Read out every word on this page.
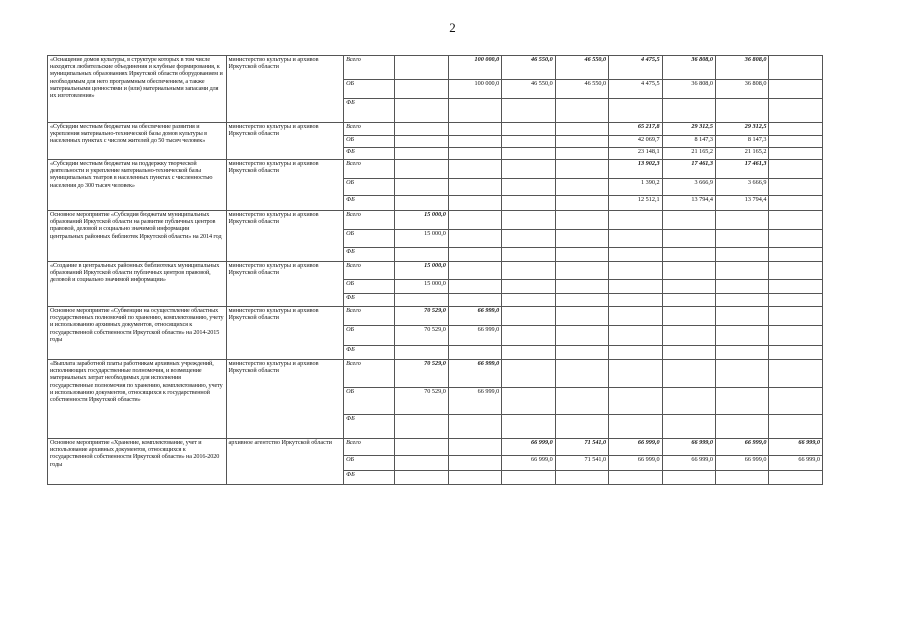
2
«Оснащение домов культуры, в структуре которых в том числе находятся любительские объединения и клубные формирования, к муниципальных образованиях Иркутской области оборудованием и необходимым для него программным обеспечением, а также материальными ценностями и (или) материальными запасами для их изготовления»	министерство культуры и архивов Иркутской области	Всего		100 000,0	46 550,0	46 550,0	4 475,5	36 808,0	36 808,0	
		ОБ		100 000,0	46 550,0	46 550,0	4 475,5	36 808,0	36 808,0	
		ФБ								
«Субсидии местным бюджетам на обеспечение развития и укрепления материально-технической базы домов культуры в населенных пунктах с числом жителей до 50 тысяч человек»	министерство культуры и архивов Иркутской области	Всего					65 217,8	29 312,5	29 312,5	
		ОБ					42 069,7	8 147,3	8 147,3	
		ФБ					23 148,1	21 165,2	21 165,2	
«Субсидии местным бюджетам на поддержку творческой деятельности и укрепление материально-технической базы муниципальных театров в населенных пунктах с численностью населения до 300 тысяч человек»	министерство культуры и архивов Иркутской области	Всего					13 902,3	17 461,3	17 461,3	
		ОБ					1 390,2	3 666,9	3 666,9	
		ФБ					12 512,1	13 794,4	13 794,4	
Основное мероприятие «Субсидия бюджетам муниципальных образований Иркутской области на развитие публичных центров правовой, деловой и социально значимой информации центральных районных библиотек Иркутской области» на 2014 год	министерство культуры и архивов Иркутской области	Всего	15 000,0							
		ОБ	15 000,0							
		ФБ								
«Создание в центральных районных библиотеках муниципальных образований Иркутской области публичных центров правовой, деловой и социально значимой информации»	министерство культуры и архивов Иркутской области	Всего	15 000,0							
		ОБ	15 000,0							
		ФБ								
Основное мероприятие «Субвенции на осуществление областных государственных полномочий по хранению, комплектованию, учету и использованию архивных документов, относящихся к государственной собственности Иркутской области» на 2014-2015 годы	министерство культуры и архивов Иркутской области	Всего	70 529,0	66 999,0						
		ОБ	70 529,0	66 999,0						
		ФБ								
«Выплата заработной платы работникам архивных учреждений, исполняющих государственные полномочия, и возмещение материальных затрат необходимых для исполнения государственные полномочия по хранению, комплектованию, учету и использованию документов, относящихся к государственной собственности Иркутской области»	министерство культуры и архивов Иркутской области	Всего	70 529,0	66 999,0						
		ОБ	70 529,0	66 999,0						
		ФБ								
Основное мероприятие «Хранение, комплектование, учет и использование архивных документов, относящихся к государственной собственности Иркутской области» на 2016-2020 годы	архивное агентство Иркутской области	Всего			66 999,0	71 541,0	66 999,0	66 999,0	66 999,0	66 999,0
		ОБ			66 999,0	71 541,0	66 999,0	66 999,0	66 999,0	66 999,0
		ФБ								
